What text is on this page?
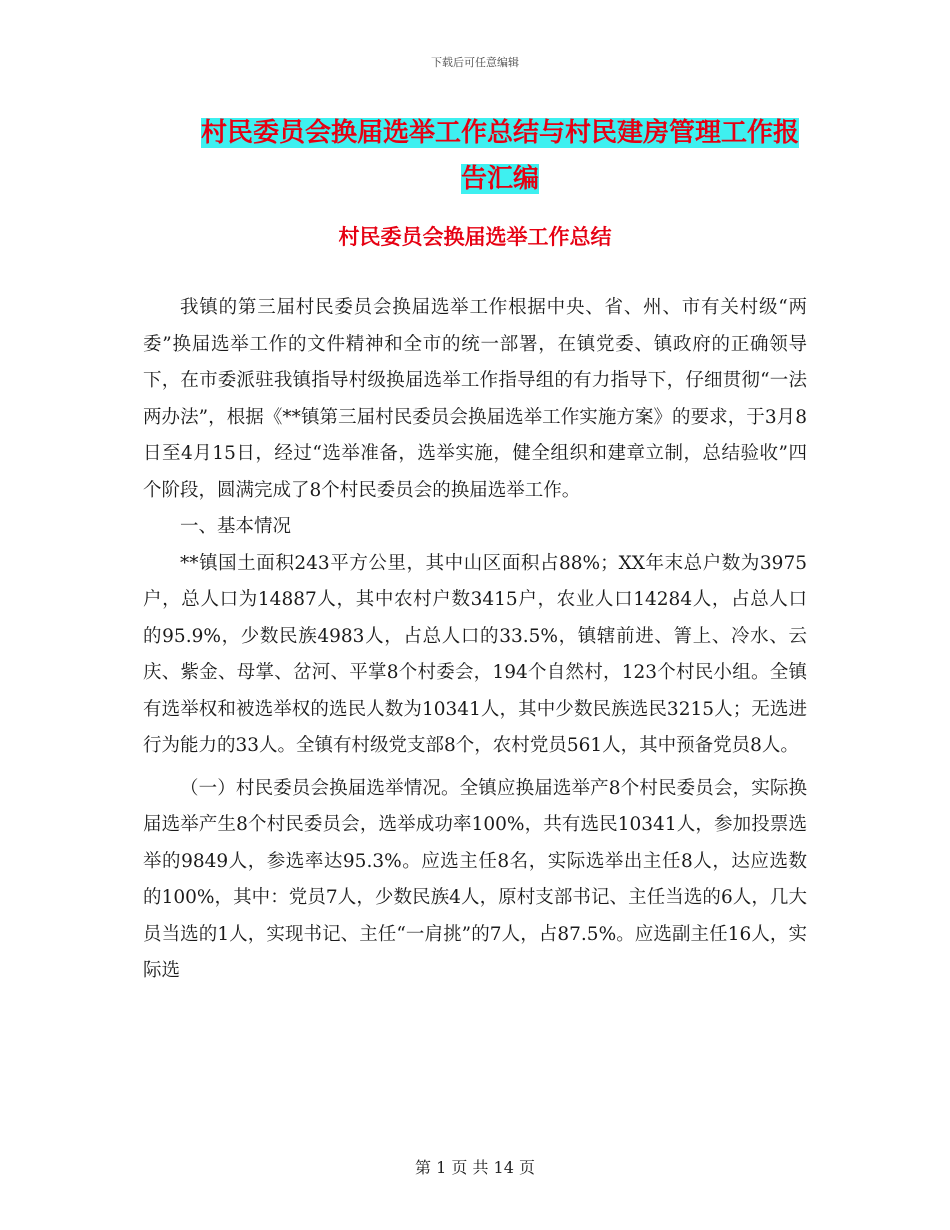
下载后可任意编辑
村民委员会换届选举工作总结与村民建房管理工作报告汇编
村民委员会换届选举工作总结

我镇的第三届村民委员会换届选举工作根据中央、省、州、市有关村级“两委”换届选举工作的文件精神和全市的统一部署，在镇党委、镇政府的正确领导下，在市委派驻我镇指导村级换届选举工作指导组的有力指导下，仔细贯彻“一法两办法”，根据《**镇第三届村民委员会换届选举工作实施方案》的要求，于3月8日至4月15日，经过“选举准备，选举实施，健全组织和建章立制，总结验收”四个阶段，圆满完成了8个村民委员会的换届选举工作。

一、基本情况

**镇国土面积243平方公里，其中山区面积占88%；XX年末总户数为3975户，总人口为14887人，其中农村户数3415户，农业人口14284人，占总人口的95.9%，少数民族4983人，占总人口的33.5%，镇辖前进、箐上、冷水、云庆、紫金、母掌、岔河、平掌8个村委会，194个自然村，123个村民小组。全镇有选举权和被选举权的选民人数为10341人，其中少数民族选民3215人；无选进行为能力的33人。全镇有村级党支部8个，农村党员561人，其中预备党员8人。

（一）村民委员会换届选举情况。全镇应换届选举产8个村民委员会，实际换届选举产生8个村民委员会，选举成功率100%，共有选民10341人，参加投票选举的9849人，参选率达95.3%。应选主任8名，实际选举出主任8人，达应选数的100%，其中：党员7人，少数民族4人，原村支部书记、主任当选的6人，几大员当选的1人，实现书记、主任“一肩挑”的7人，占87.5%。应选副主任16人，实际选

第 1 页 共 14 页
